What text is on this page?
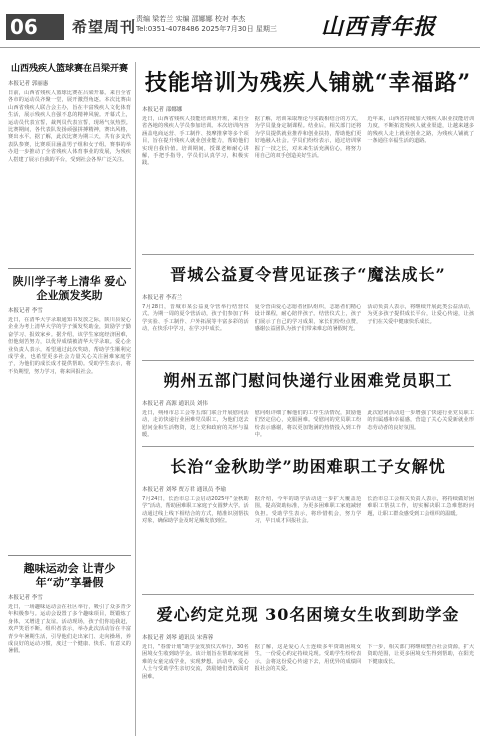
06	希望周刊 责编 梁若兰 实编 邵娜娜 校对 李杰
Tel:0351-4078486 2025年7月30日 星期三 山西青年报
山西残疾人篮球赛在吕梁开赛
本报记者 郭丽惠
日前，山西省残疾人篮球比赛在吕梁开幕。来自全省各市的运动员齐聚一堂，展开激烈角逐。本次比赛由山西省残疾人联合会主办，旨在丰富残疾人文化体育生活，展示残疾人自强不息的精神风貌。开幕式上，运动员代表宣誓，裁判员代表宣誓，现场气氛热烈。比赛期间，各代表队发扬顽强拼搏精神，赛出风格，赛出水平。据了解，此次比赛为期三天，共有多支代表队参赛，比赛项目涵盖男子组和女子组。赛事的举办进一步推动了全省残疾人体育事业的发展，为残疾人搭建了展示自我的平台，受到社会各界广泛关注。
陕川学子考上清华 爱心企业颁发奖助
本报记者 李雪
近日，在清华大学录取通知书发放之际，陕川县爱心企业为考上清华大学的学子颁发奖助金，鼓励学子勤奋学习、报效家乡。据介绍，该学生家庭经济困难，但他刻苦努力，以优异成绩被清华大学录取。爱心企业负责人表示，希望通过此次奖助，帮助学生顺利完成学业，也希望更多社会力量关心关注困难家庭学子，为他们的成长成才提供帮助。受助学生表示，将不负期望，努力学习，将来回报社会。
趣味运动会 让青少年“动”享暑假
本报记者 李雪
近日，一场趣味运动会在社区举行，吸引了众多青少年积极参与。运动会设置了多个趣味项目，既锻炼了身体，又增进了友谊。活动现场，孩子们你追我赶，欢声笑语不断。组织者表示，举办此次活动旨在丰富青少年暑期生活，引导他们走出家门、走向操场，养成良好的运动习惯，度过一个健康、快乐、有意义的暑假。
技能培训为残疾人铺就“幸福路”
本报记者 邵娜娜
近日，山西省残疾人技能培训班开班，来自全省各地的残疾人学员参加培训。本次培训内容涵盖电商运营、手工制作、按摩推拿等多个项目，旨在提升残疾人就业创业能力，帮助他们实现自我价值。培训期间，授课老师耐心讲解，手把手指导，学员们认真学习，积极实践。
据了解，培训采取理论与实践相结合的方式，为学员量身定制课程。结业后，相关部门还将为学员提供就业推荐和创业扶持，帮助他们更好地融入社会。学员们纷纷表示，通过培训掌握了一技之长，对未来生活充满信心，将努力用自己的双手创造美好生活。
近年来，山西省持续加大残疾人职业技能培训力度，不断拓宽残疾人就业渠道，让越来越多的残疾人走上就业创业之路，为残疾人铺就了一条通往幸福生活的道路。
晋城公益夏令营见证孩子“魔法成长”
本报记者 李若兰
7月28日，晋城市某公益夏令营举行结营仪式。为期一周的夏令营活动，孩子们参加了科学实验、手工制作、户外拓展等丰富多彩的活动，在快乐中学习，在学习中成长。
夏令营由爱心志愿者团队组织，志愿者们精心设计课程，耐心陪伴孩子。结营仪式上，孩子们展示了自己的学习成果，家长们纷纷点赞，感谢公益团队为孩子们带来难忘的暑假时光。
活动负责人表示，将继续开展此类公益活动，为更多孩子提供成长平台，让爱心传递，让孩子们在关爱中健康快乐成长。
朔州五部门慰问快递行业困难党员职工
本报记者 高源 通讯员 刘伟
近日，朔州市总工会等五部门联合开展慰问活动，走访快递行业困难党员职工，为他们送去慰问金和生活物资，送上党和政府的关怀与温暖。
慰问组详细了解他们的工作生活情况，鼓励他们坚定信心，克服困难。受慰问的党员职工纷纷表示感谢，将以更加饱满的热情投入到工作中。
此次慰问活动进一步增强了快递行业党员职工的归属感和幸福感，营造了关心关爱新就业形态劳动者的良好氛围。
长治“金秋助学”助困难职工子女解忧
本报记者 刘琴 贾万君 通讯员 李瑜
7月24日，长治市总工会启动2025年“金秋助学”活动，帮助困难职工家庭子女圆梦大学。活动通过线上线下相结合的方式，精准识别帮扶对象，确保助学金及时足额发放到位。
据介绍，今年的助学活动进一步扩大覆盖范围，提高资助标准，为更多困难职工家庭减轻负担。受助学生表示，将珍惜机会，努力学习，早日成才回报社会。
长治市总工会相关负责人表示，将持续做好困难职工帮扶工作，切实解决职工急难愁盼问题，让职工群众感受到工会组织的温暖。
爱心约定兑现 30名困境女生收到助学金
本报记者 刘琴 通讯员 宋蓉蓉
近日，“春蕾计划”助学金发放仪式举行，30名困境女生收到助学金。该计划旨在帮助家庭困难的女童完成学业，实现梦想。活动中，爱心人士与受助学生亲切交流，鼓励她们勇敢面对困难。
据了解，这是爱心人士连续多年资助困境女生，一份爱心约定持续兑现。受助学生纷纷表示，会将这份爱心传递下去，用优异的成绩回报社会的关爱。
下一步，相关部门将继续整合社会资源，扩大资助范围，让更多困境女生得到帮助，在阳光下健康成长。
